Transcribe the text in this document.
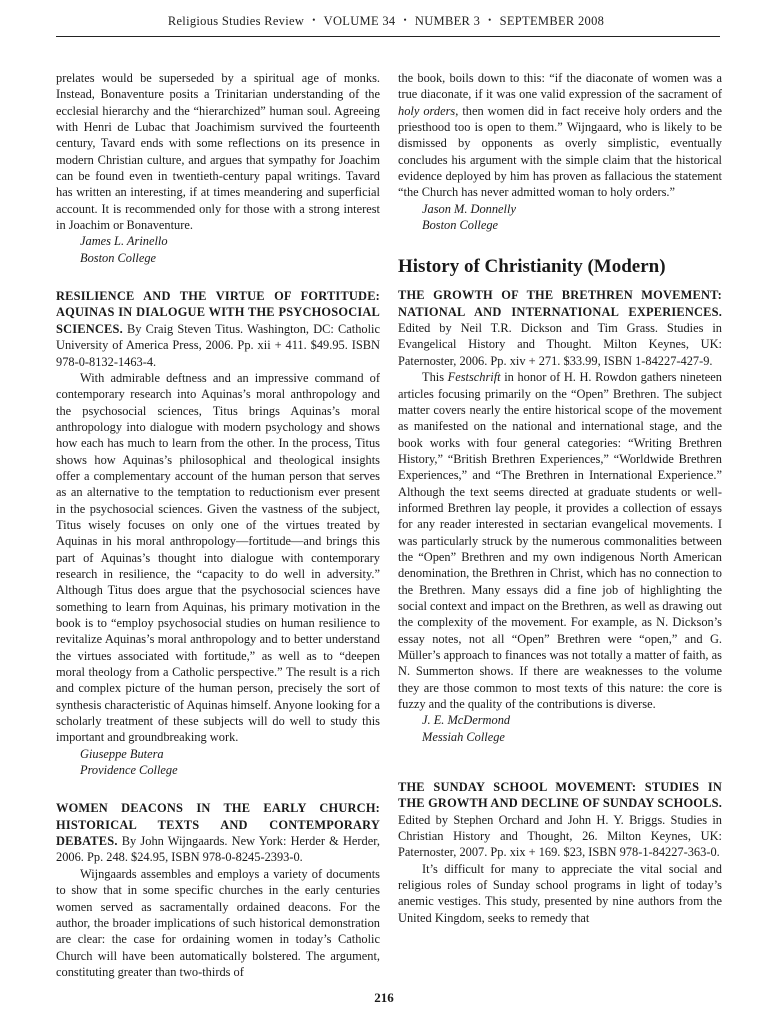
Religious Studies Review • VOLUME 34 • NUMBER 3 • SEPTEMBER 2008

prelates would be superseded by a spiritual age of monks. Instead, Bonaventure posits a Trinitarian understanding of the ecclesial hierarchy and the “hierarchized” human soul. Agreeing with Henri de Lubac that Joachimism survived the fourteenth century, Tavard ends with some reflections on its presence in modern Christian culture, and argues that sympathy for Joachim can be found even in twentieth-century papal writings. Tavard has written an interesting, if at times meandering and superficial account. It is recommended only for those with a strong interest in Joachim or Bonaventure.

James L. Arinello
Boston College

RESILIENCE AND THE VIRTUE OF FORTITUDE: AQUINAS IN DIALOGUE WITH THE PSYCHOSOCIAL SCIENCES. By Craig Steven Titus. Washington, DC: Catholic University of America Press, 2006. Pp. xii + 411. $49.95. ISBN 978-0-8132-1463-4.

With admirable deftness and an impressive command of contemporary research into Aquinas’s moral anthropology and the psychosocial sciences, Titus brings Aquinas’s moral anthropology into dialogue with modern psychology and shows how each has much to learn from the other. In the process, Titus shows how Aquinas’s philosophical and theological insights offer a complementary account of the human person that serves as an alternative to the temptation to reductionism ever present in the psychosocial sciences. Given the vastness of the subject, Titus wisely focuses on only one of the virtues treated by Aquinas in his moral anthropology—fortitude—and brings this part of Aquinas’s thought into dialogue with contemporary research in resilience, the “capacity to do well in adversity.” Although Titus does argue that the psychosocial sciences have something to learn from Aquinas, his primary motivation in the book is to “employ psychosocial studies on human resilience to revitalize Aquinas’s moral anthropology and to better understand the virtues associated with fortitude,” as well as to “deepen moral theology from a Catholic perspective.” The result is a rich and complex picture of the human person, precisely the sort of synthesis characteristic of Aquinas himself. Anyone looking for a scholarly treatment of these subjects will do well to study this important and groundbreaking work.

Giuseppe Butera
Providence College

WOMEN DEACONS IN THE EARLY CHURCH: HISTORICAL TEXTS AND CONTEMPORARY DEBATES. By John Wijngaards. New York: Herder & Herder, 2006. Pp. 248. $24.95, ISBN 978-0-8245-2393-0.

Wijngaards assembles and employs a variety of documents to show that in some specific churches in the early centuries women served as sacramentally ordained deacons. For the author, the broader implications of such historical demonstration are clear: the case for ordaining women in today’s Catholic Church will have been automatically bolstered. The argument, constituting greater than two-thirds of

the book, boils down to this: “if the diaconate of women was a true diaconate, if it was one valid expression of the sacrament of holy orders, then women did in fact receive holy orders and the priesthood too is open to them.” Wijngaard, who is likely to be dismissed by opponents as overly simplistic, eventually concludes his argument with the simple claim that the historical evidence deployed by him has proven as fallacious the statement “the Church has never admitted woman to holy orders.”

Jason M. Donnelly
Boston College
History of Christianity (Modern)

THE GROWTH OF THE BRETHREN MOVEMENT: NATIONAL AND INTERNATIONAL EXPERIENCES. Edited by Neil T.R. Dickson and Tim Grass. Studies in Evangelical History and Thought. Milton Keynes, UK: Paternoster, 2006. Pp. xiv + 271. $33.99, ISBN 1-84227-427-9.

This Festschrift in honor of H. H. Rowdon gathers nineteen articles focusing primarily on the “Open” Brethren. The subject matter covers nearly the entire historical scope of the movement as manifested on the national and international stage, and the book works with four general categories: “Writing Brethren History,” “British Brethren Experiences,” “Worldwide Brethren Experiences,” and “The Brethren in International Experience.” Although the text seems directed at graduate students or well-informed Brethren lay people, it provides a collection of essays for any reader interested in sectarian evangelical movements. I was particularly struck by the numerous commonalities between the “Open” Brethren and my own indigenous North American denomination, the Brethren in Christ, which has no connection to the Brethren. Many essays did a fine job of highlighting the social context and impact on the Brethren, as well as drawing out the complexity of the movement. For example, as N. Dickson’s essay notes, not all “Open” Brethren were “open,” and G. Müller’s approach to finances was not totally a matter of faith, as N. Summerton shows. If there are weaknesses to the volume they are those common to most texts of this nature: the core is fuzzy and the quality of the contributions is diverse.

J. E. McDermond
Messiah College

THE SUNDAY SCHOOL MOVEMENT: STUDIES IN THE GROWTH AND DECLINE OF SUNDAY SCHOOLS. Edited by Stephen Orchard and John H. Y. Briggs. Studies in Christian History and Thought, 26. Milton Keynes, UK: Paternoster, 2007. Pp. xix + 169. $23, ISBN 978-1-84227-363-0.

It’s difficult for many to appreciate the vital social and religious roles of Sunday school programs in light of today’s anemic vestiges. This study, presented by nine authors from the United Kingdom, seeks to remedy that

216
